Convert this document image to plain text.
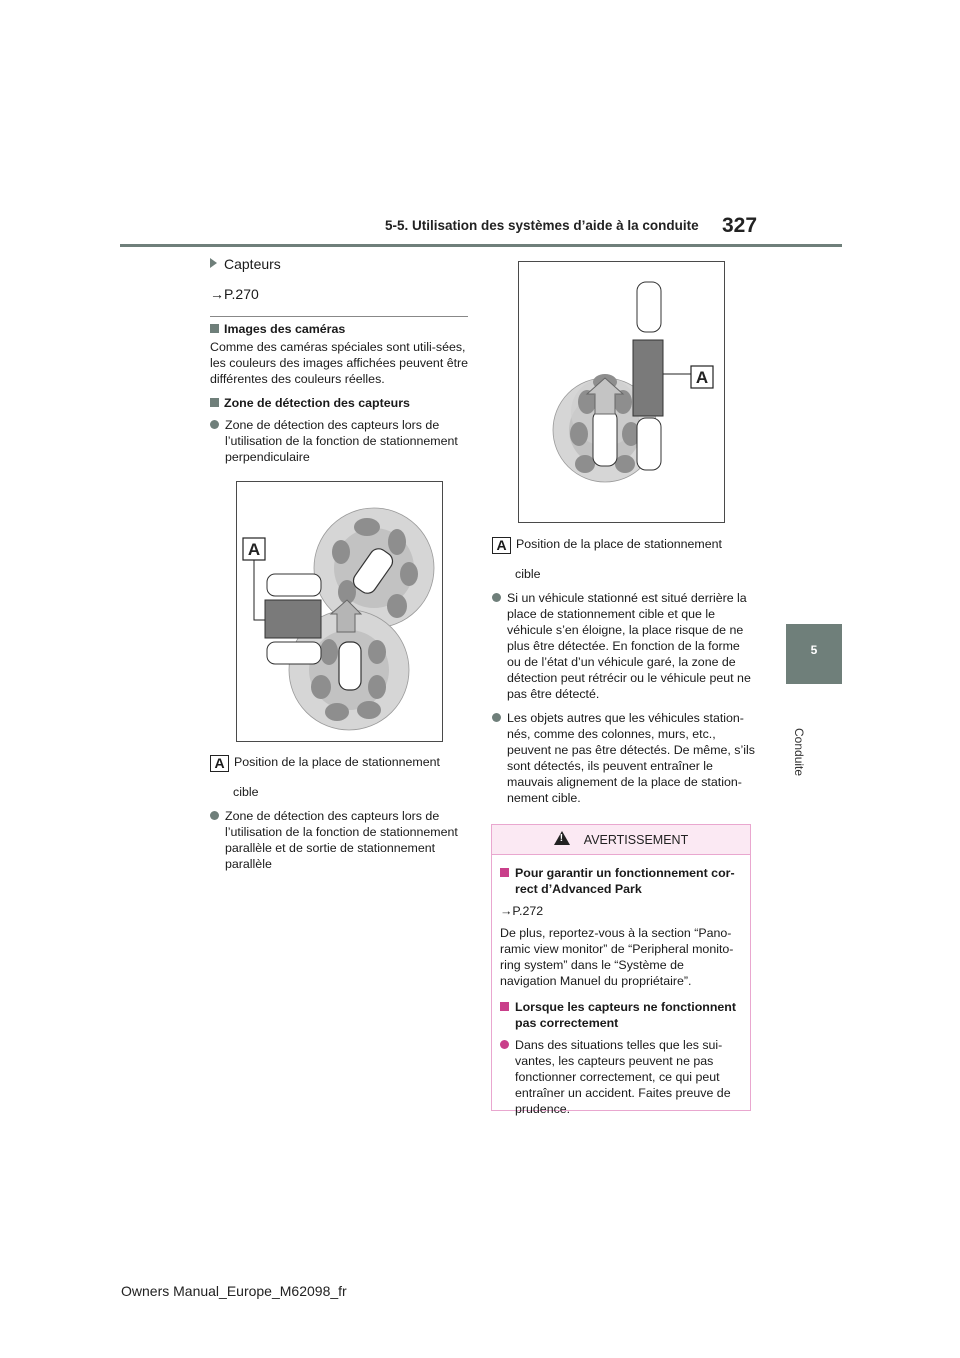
5-5. Utilisation des systèmes d’aide à la conduite 327
5
Conduite

Capteurs

→P.270

Images des caméras

Comme des caméras spéciales sont utili-sées, les couleurs des images affichées peuvent être différentes des couleurs réelles.

Zone de détection des capteurs

Zone de détection des capteurs lors de l’utilisation de la fonction de stationnement perpendiculaire

A

A Position de la place de stationnement

cible

Zone de détection des capteurs lors de l’utilisation de la fonction de stationnement parallèle et de sortie de stationnement parallèle

A

A Position de la place de stationnement

cible

Si un véhicule stationné est situé derrière la place de stationnement cible et que le véhicule s’en éloigne, la place risque de ne plus être détectée. En fonction de la forme ou de l’état d’un véhicule garé, la zone de détection peut rétrécir ou le véhicule peut ne pas être détecté.

Les objets autres que les véhicules station-nés, comme des colonnes, murs, etc., peuvent ne pas être détectés. De même, s’ils sont détectés, ils peuvent entraîner le mauvais alignement de la place de station-nement cible.

! AVERTISSEMENT

Pour garantir un fonctionnement cor-rect d’Advanced Park

→P.272

De plus, reportez-vous à la section “Pano-ramic view monitor” de “Peripheral monito-ring system” dans le “Système de navigation Manuel du propriétaire”.

Lorsque les capteurs ne fonctionnent pas correctement

Dans des situations telles que les sui-vantes, les capteurs peuvent ne pas fonctionner correctement, ce qui peut entraîner un accident. Faites preuve de prudence.

Owners Manual_Europe_M62098_fr
